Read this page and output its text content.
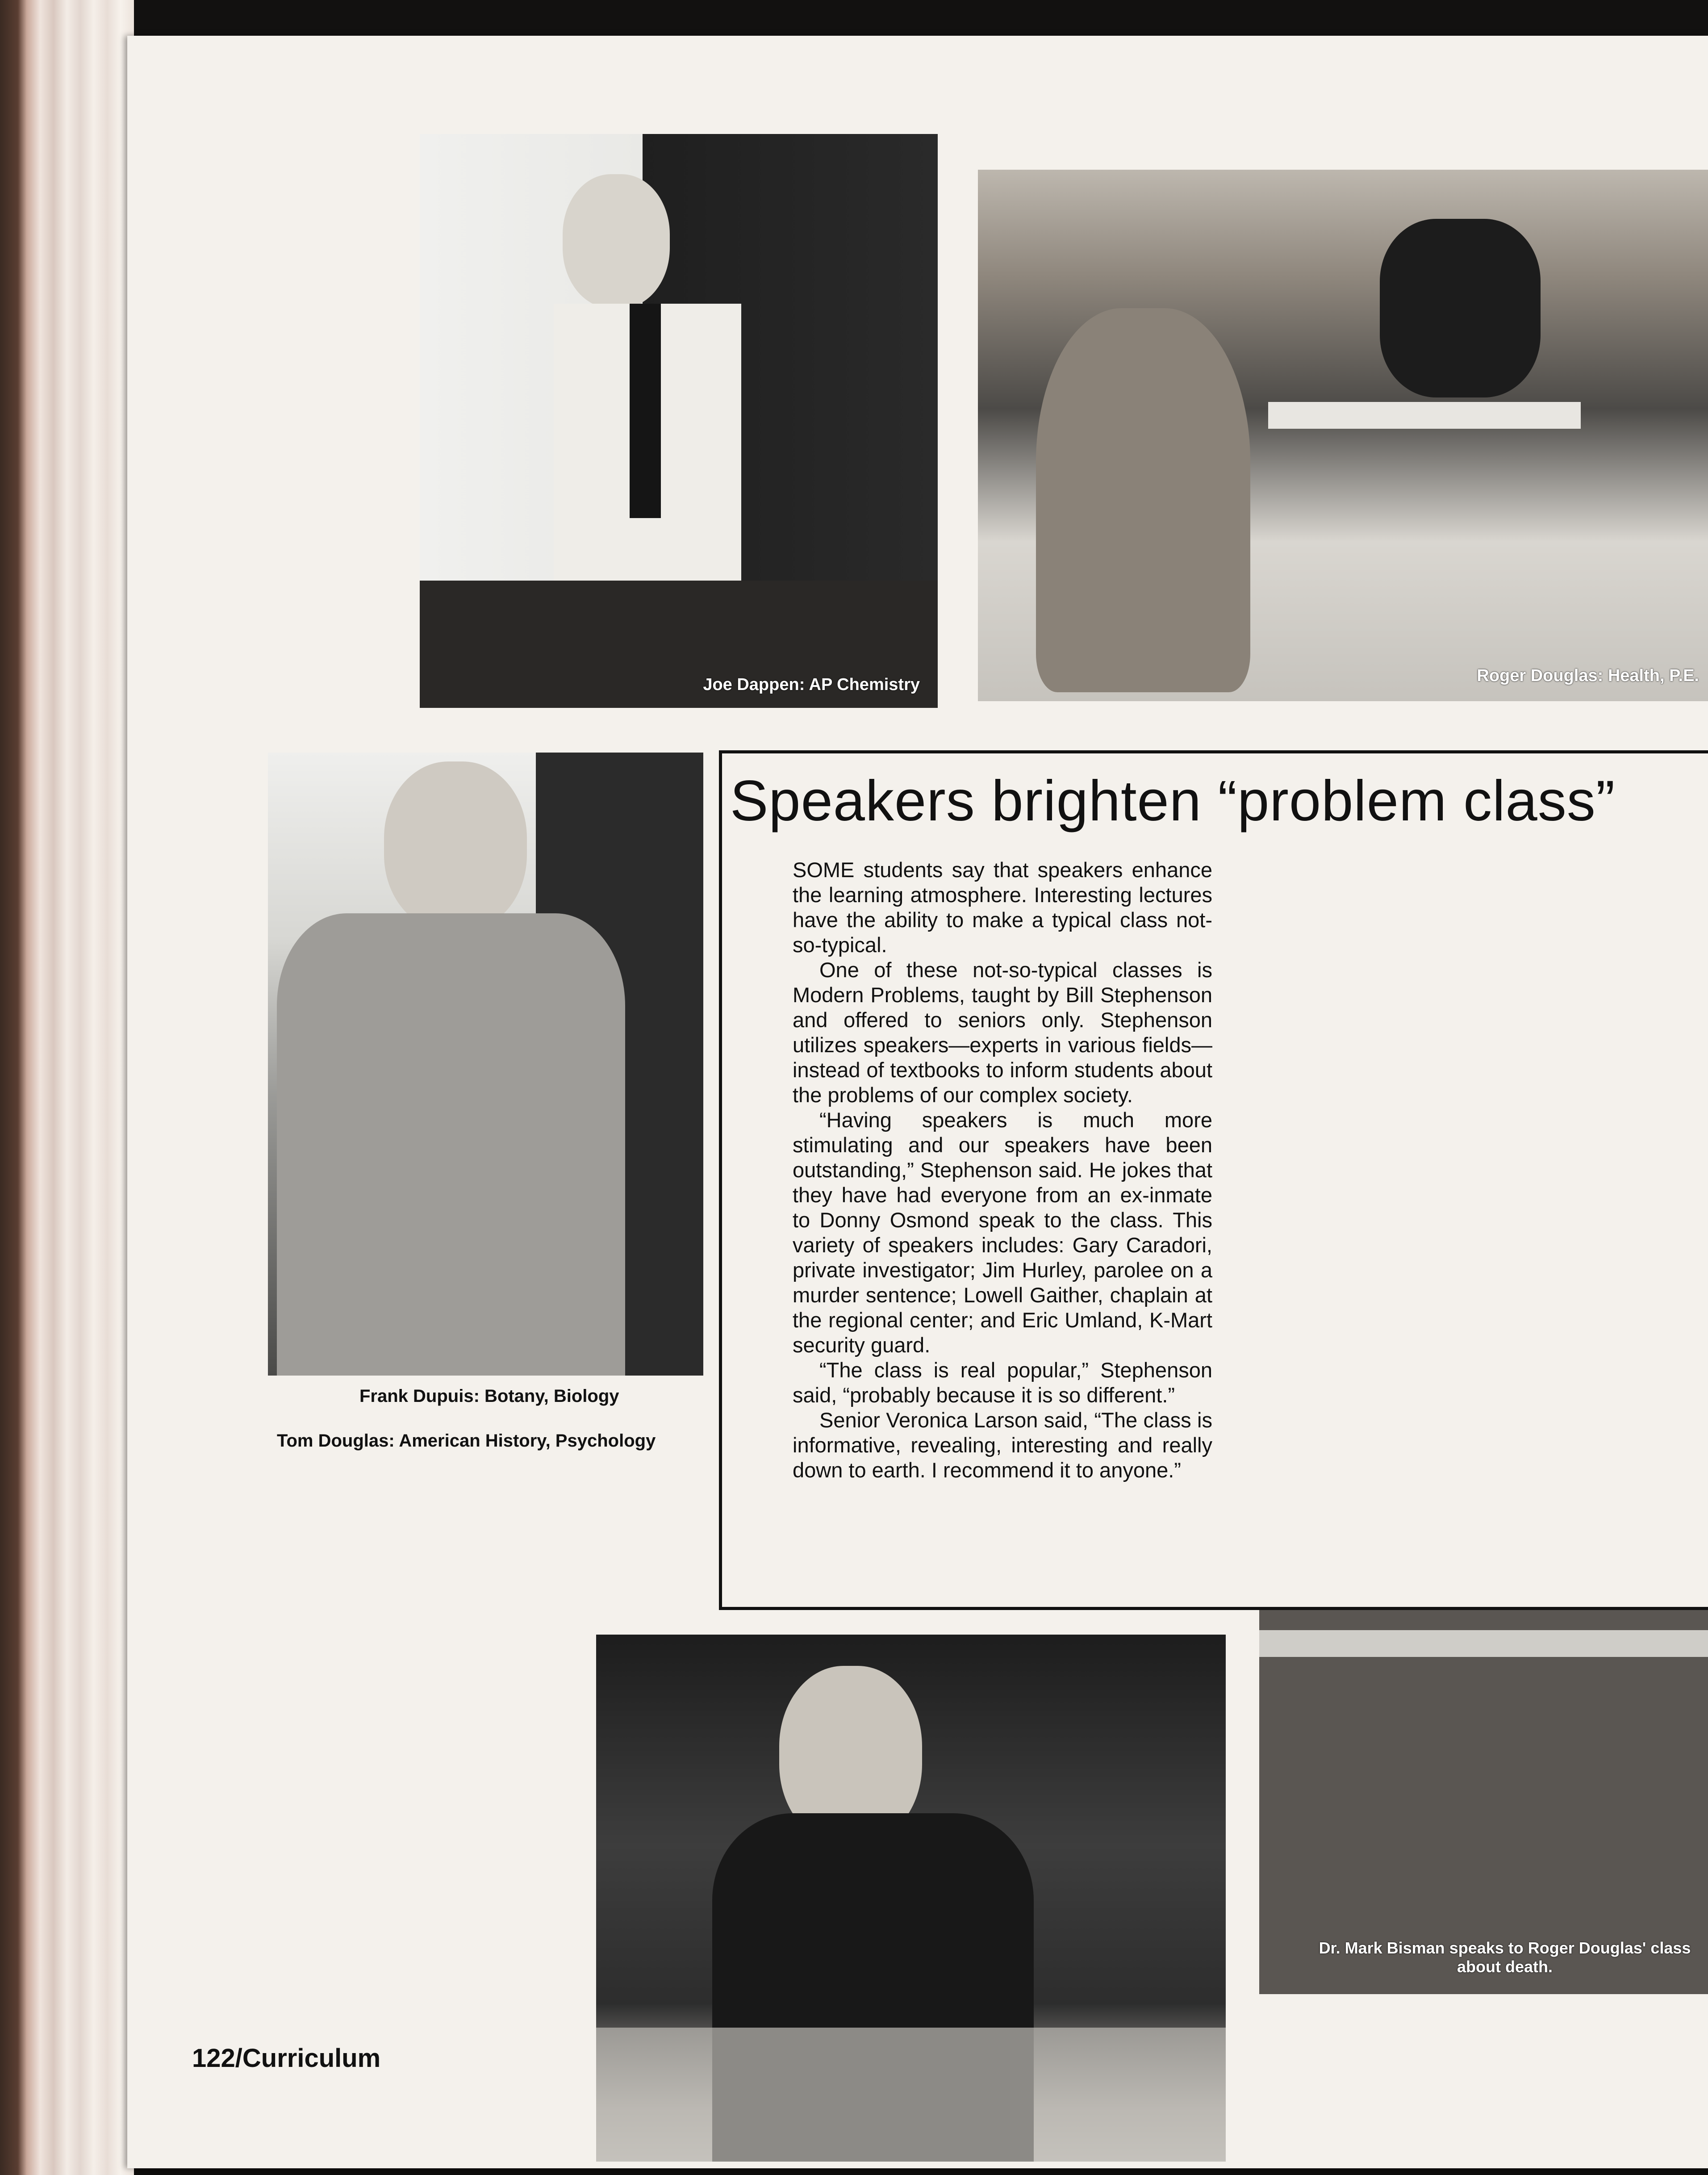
Joe Dappen: AP Chemistry	Roger Douglas: Health, P.E.
Dr. Mark Bisman speaks to Roger Douglas' class about death.
Frank Dupuis: Botany, Biology
Tom Douglas: American History, Psychology
Speakers brighten “problem class”

SOME students say that speakers enhance the learning atmosphere. Interesting lectures have the ability to make a typical class not-so-typical.

One of these not-so-typical classes is Modern Problems, taught by Bill Stephenson and offered to seniors only. Stephenson utilizes speakers—experts in various fields—instead of textbooks to inform students about the problems of our complex society.

“Having speakers is much more stimulating and our speakers have been outstanding,” Stephenson said. He jokes that they have had everyone from an ex-inmate to Donny Osmond speak to the class. This variety of speakers includes: Gary Caradori, private investigator; Jim Hurley, parolee on a murder sentence; Lowell Gaither, chaplain at the regional center; and Eric Umland, K-Mart security guard.

“The class is real popular,” Stephenson said, “probably because it is so different.”

Senior Veronica Larson said, “The class is informative, revealing, interesting and really down to earth. I recommend it to anyone.”

122/Curriculum
